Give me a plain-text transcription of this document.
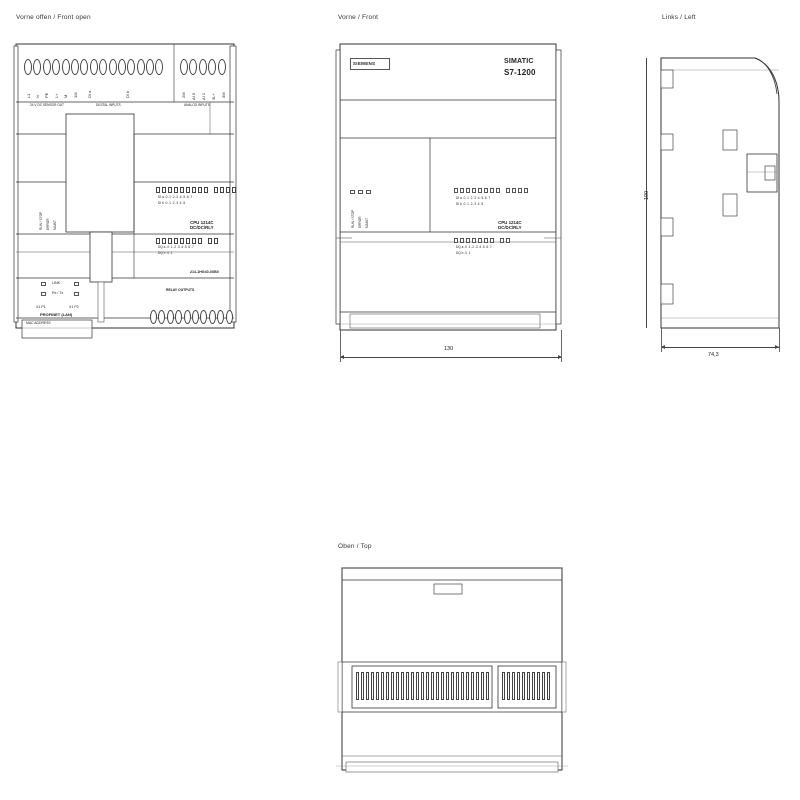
Vorne offen / Front open
L1 N PE L+ M 1M DI a	DI b	2M AI 0 AI 1 3L+ 3M
24 V DC SENSOR OUT	DIGITAL INPUTS	ANALOG INPUTS
DI a .0 .1 .2 .3 .4 .5 .6 .7
DI b .0 .1 .2 .3 .4 .5
DQ a .0 .1 .2 .3 .4 .5 .6 .7
DQ b .0 .1
RUN / STOP ERROR MAINT	CPU 1214C
DC/DC/RLY
214-1HG40-0XB0
LINK
Rx / Tx
X1 P1	X1 P2
PROFINET (LAN)
MAC ADDRESS
RELAY OUTPUTS
Vorne / Front
SIEMENS	SIMATIC
S7-1200
RUN / STOP ERROR MAINT
DI a .0 .1 .2 .3 .4 .5 .6 .7
DI b .0 .1 .2 .3 .4 .5
DQ a .0 .1 .2 .3 .4 .5 .6 .7
DQ b .0 .1
CPU 1214C
DC/DC/RLY
130
Links / Left
100
74,3
Oben / Top
